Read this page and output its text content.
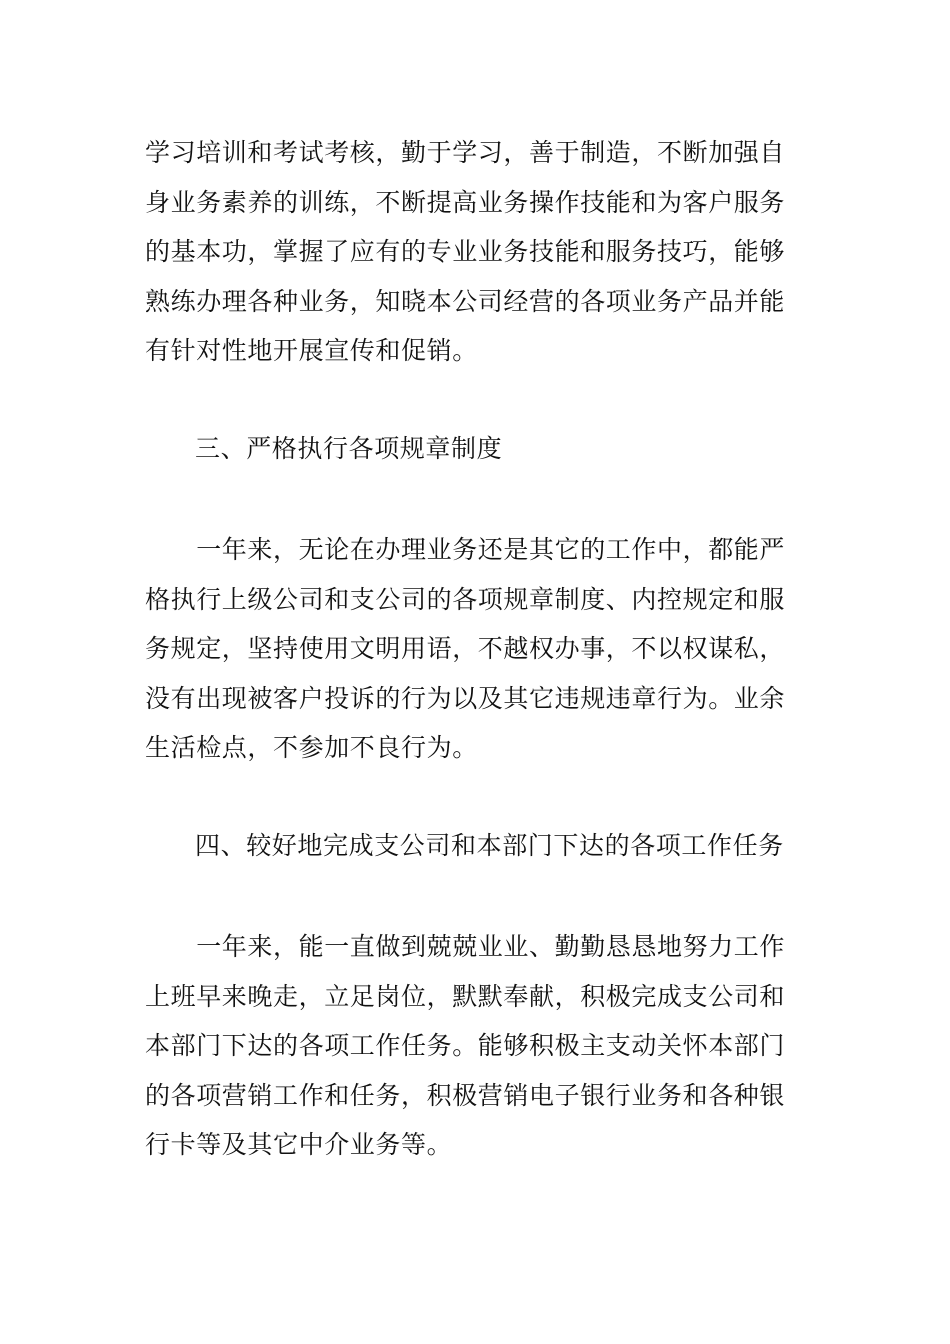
学习培训和考试考核，勤于学习，善于制造，不断加强自
身业务素养的训练，不断提高业务操作技能和为客户服务
的基本功，掌握了应有的专业业务技能和服务技巧，能够
熟练办理各种业务，知晓本公司经营的各项业务产品并能
有针对性地开展宣传和促销。
三、严格执行各项规章制度
　　一年来，无论在办理业务还是其它的工作中，都能严
格执行上级公司和支公司的各项规章制度、内控规定和服
务规定，坚持使用文明用语，不越权办事，不以权谋私，
没有出现被客户投诉的行为以及其它违规违章行为。业余
生活检点，不参加不良行为。
四、较好地完成支公司和本部门下达的各项工作任务
　　一年来，能一直做到兢兢业业、勤勤恳恳地努力工作
上班早来晚走，立足岗位，默默奉献，积极完成支公司和
本部门下达的各项工作任务。能够积极主支动关怀本部门
的各项营销工作和任务，积极营销电子银行业务和各种银
行卡等及其它中介业务等。
